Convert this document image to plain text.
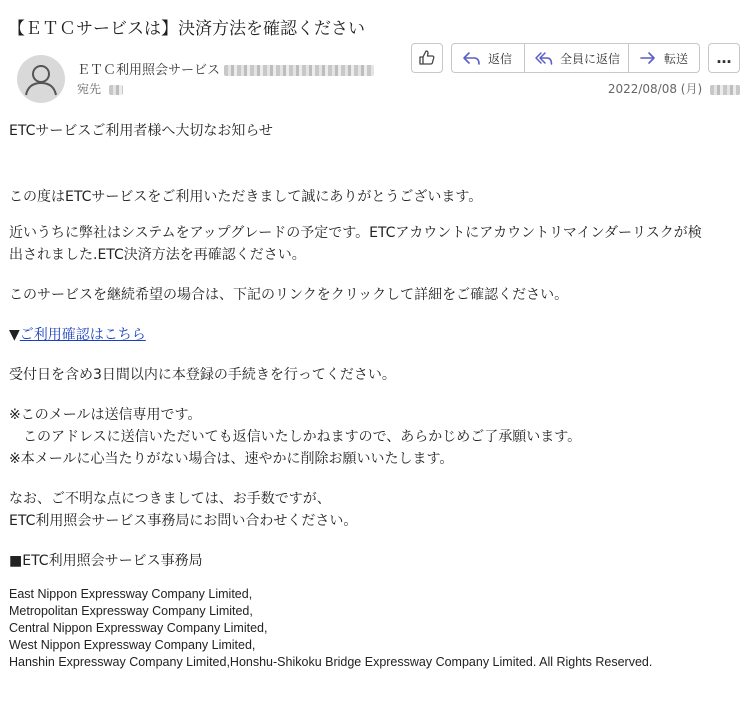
【ＥＴＣサービスは】決済方法を確認ください
ＥＴＣ利用照会サービス
宛先
返信	全員に返信	転送 …
2022/08/08 (月)

ETCサービスご利用者様へ大切なお知らせ

この度はETCサービスをご利用いただきまして誠にありがとうございます。

近いうちに弊社はシステムをアップグレードの予定です。ETCアカウントにアカウントリマインダーリスクが検
出されました.ETC決済方法を再確認ください。

このサービスを継続希望の場合は、下記のリンクをクリックして詳細をご確認ください。

▼ご利用確認はこちら

受付日を含め3日間以内に本登録の手続きを行ってください。

※このメールは送信専用です。
　このアドレスに送信いただいても返信いたしかねますので、あらかじめご了承願います。
※本メールに心当たりがない場合は、速やかに削除お願いいたします。

なお、ご不明な点につきましては、お手数ですが、
ETC利用照会サービス事務局にお問い合わせください。

■ETC利用照会サービス事務局

East Nippon Expressway Company Limited,
Metropolitan Expressway Company Limited,
Central Nippon Expressway Company Limited,
West Nippon Expressway Company Limited,
Hanshin Expressway Company Limited,Honshu-Shikoku Bridge Expressway Company Limited. All Rights Reserved.
